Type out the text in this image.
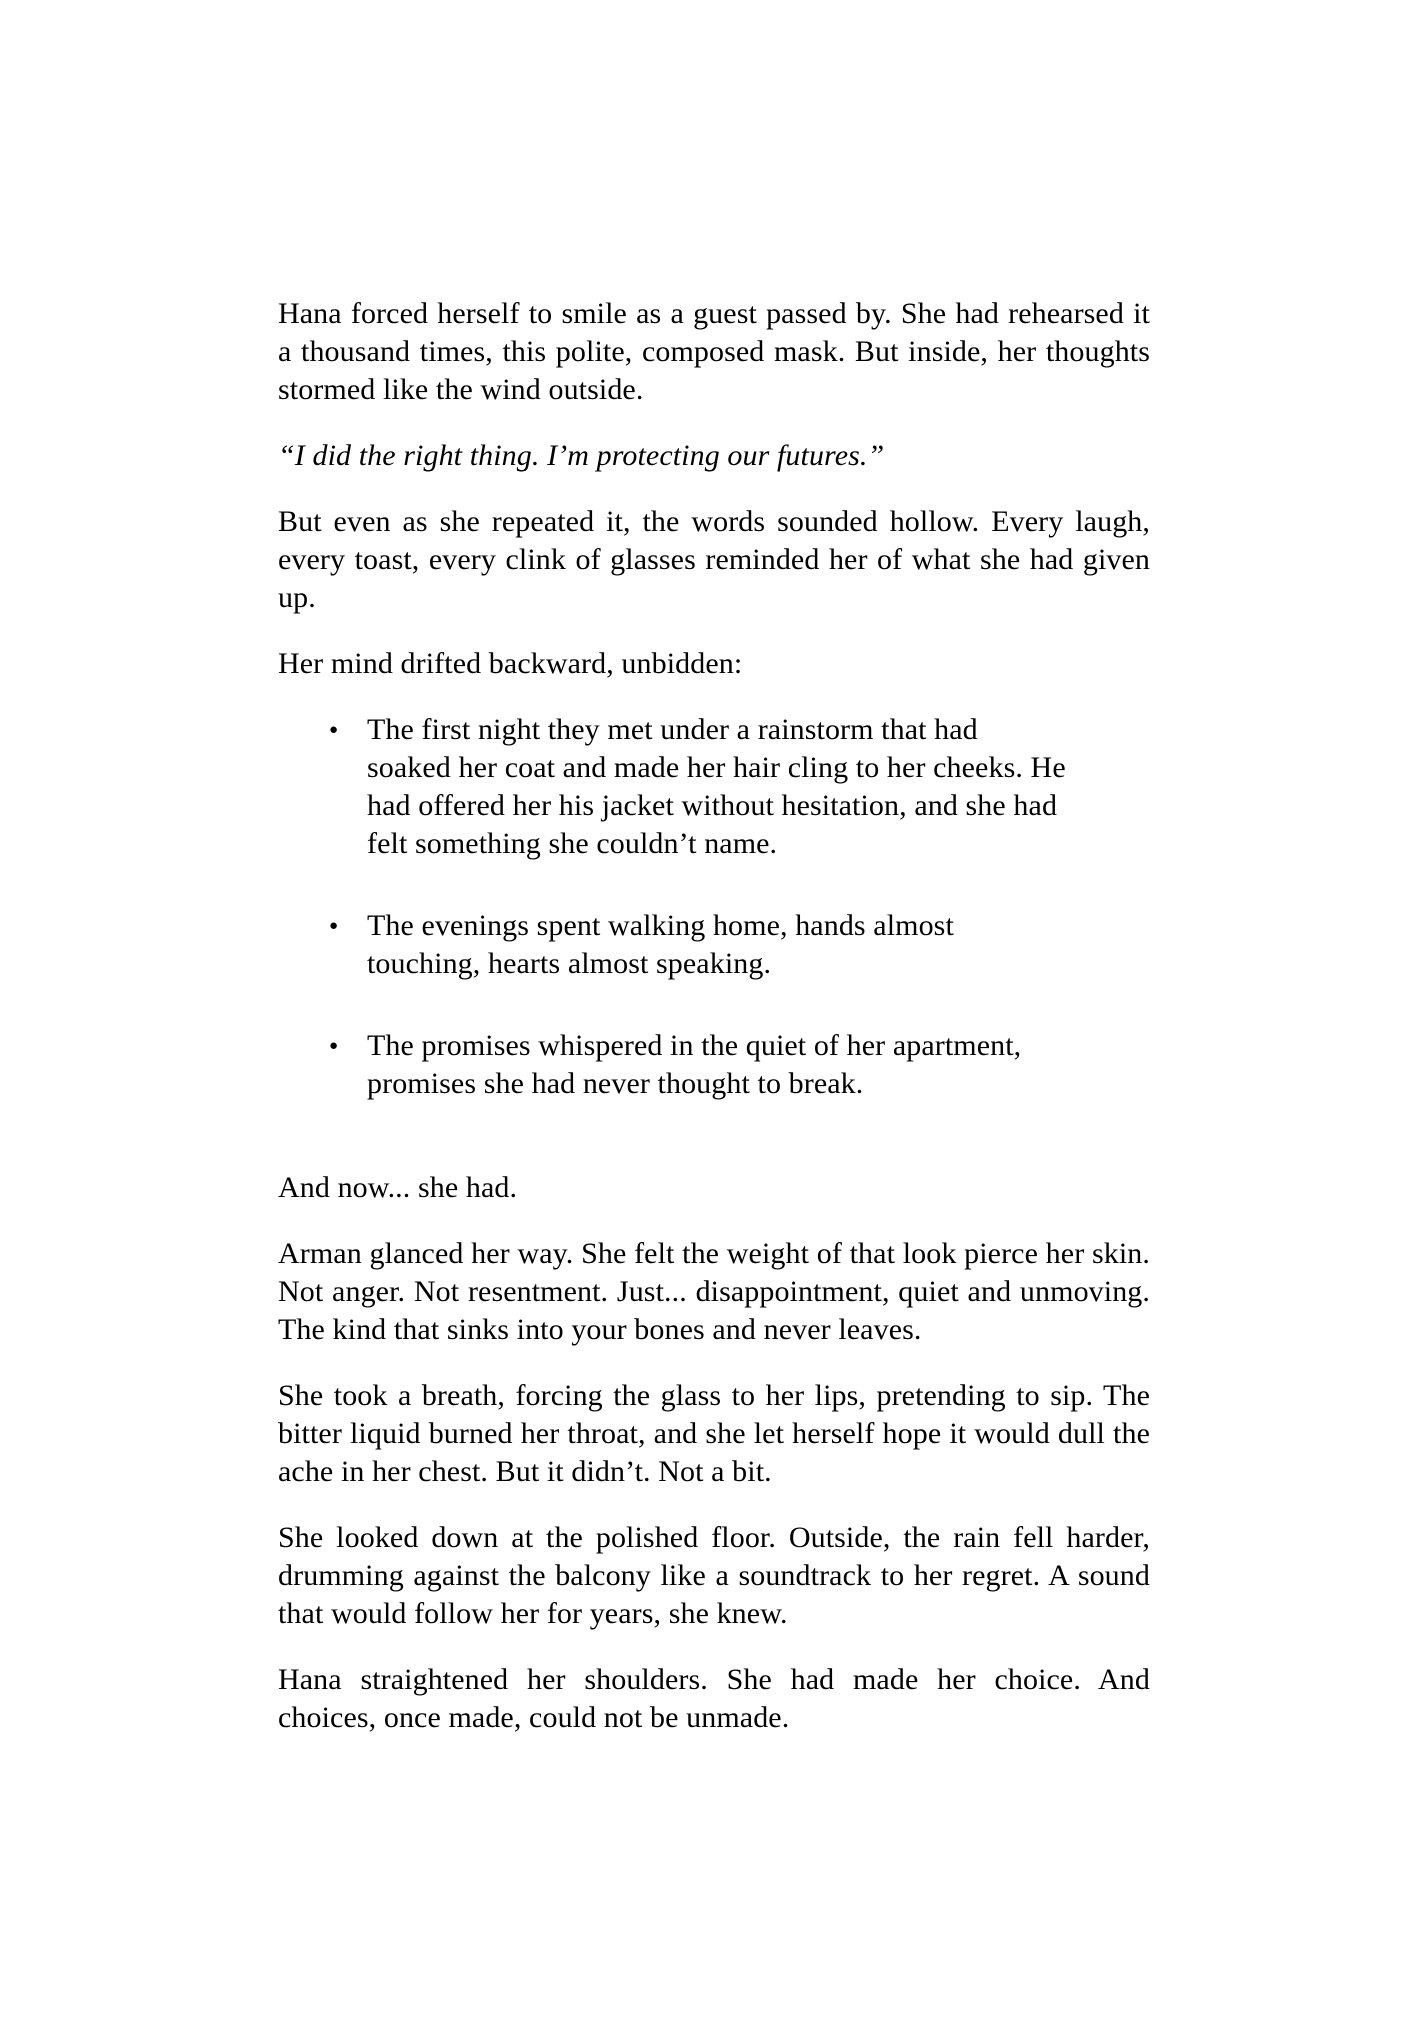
Hana forced herself to smile as a guest passed by. She had rehearsed it a thousand times, this polite, composed mask. But inside, her thoughts stormed like the wind outside.

“I did the right thing. I’m protecting our futures.”

But even as she repeated it, the words sounded hollow. Every laugh, every toast, every clink of glasses reminded her of what she had given up.

Her mind drifted backward, unbidden:

● The first night they met under a rainstorm that had soaked her coat and made her hair cling to her cheeks. He had offered her his jacket without hesitation, and she had felt something she couldn’t name.
● The evenings spent walking home, hands almost touching, hearts almost speaking.
● The promises whispered in the quiet of her apartment, promises she had never thought to break.

And now... she had.

Arman glanced her way. She felt the weight of that look pierce her skin. Not anger. Not resentment. Just... disappointment, quiet and unmoving. The kind that sinks into your bones and never leaves.

She took a breath, forcing the glass to her lips, pretending to sip. The bitter liquid burned her throat, and she let herself hope it would dull the ache in her chest. But it didn’t. Not a bit.

She looked down at the polished floor. Outside, the rain fell harder, drumming against the balcony like a soundtrack to her regret. A sound that would follow her for years, she knew.

Hana straightened her shoulders. She had made her choice. And choices, once made, could not be unmade.
